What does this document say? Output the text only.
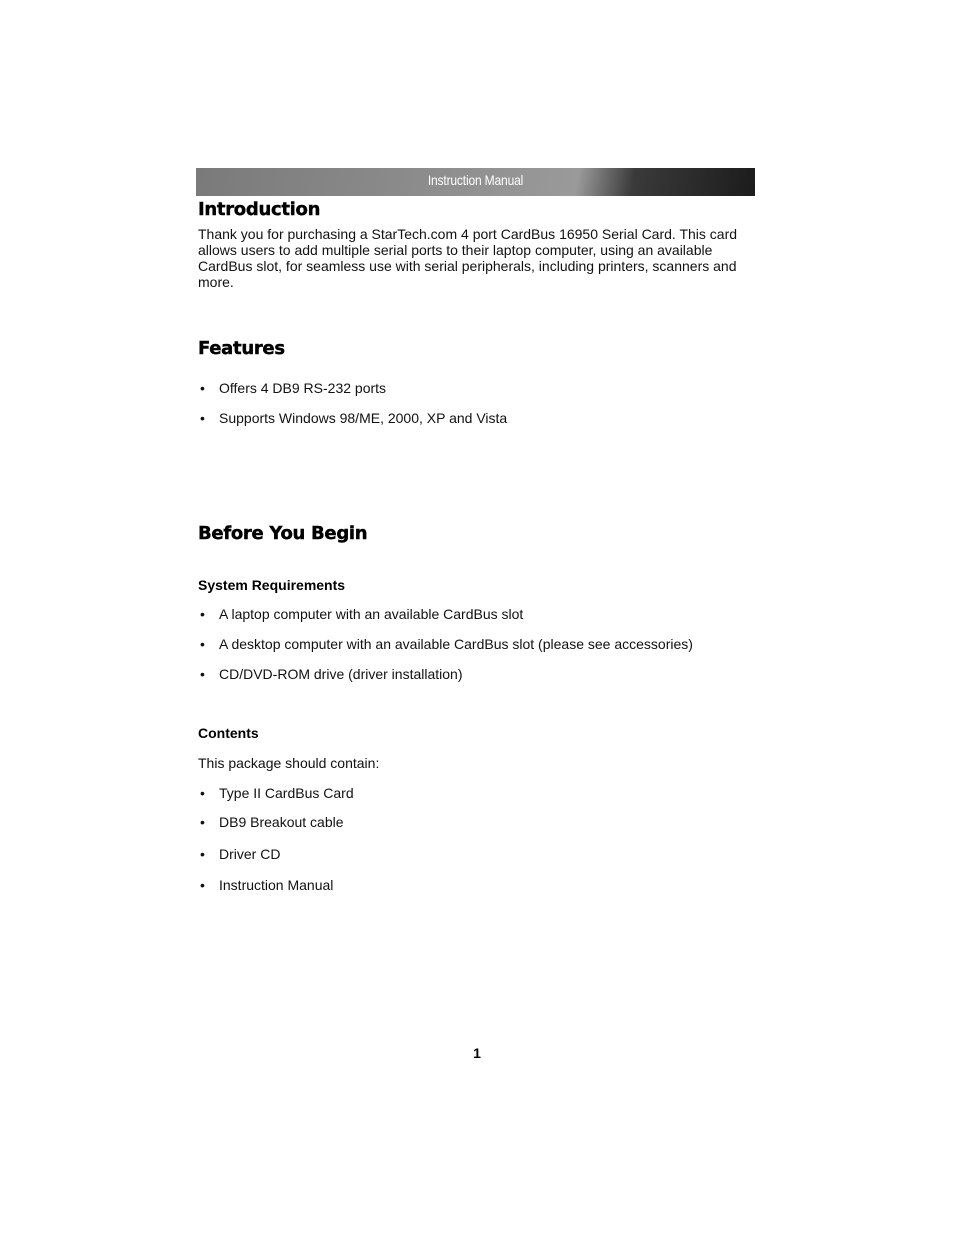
Instruction Manual
Introduction

Thank you for purchasing a StarTech.com 4 port CardBus 16950 Serial Card. This card allows users to add multiple serial ports to their laptop computer, using an available CardBus slot, for seamless use with serial peripherals, including printers, scanners and more.

Features
• Offers 4 DB9 RS-232 ports
• Supports Windows 98/ME, 2000, XP and Vista
Before You Begin
System Requirements
• A laptop computer with an available CardBus slot
• A desktop computer with an available CardBus slot (please see accessories)
• CD/DVD-ROM drive (driver installation)
Contents
This package should contain:
• Type II CardBus Card
• DB9 Breakout cable
• Driver CD
• Instruction Manual
1
